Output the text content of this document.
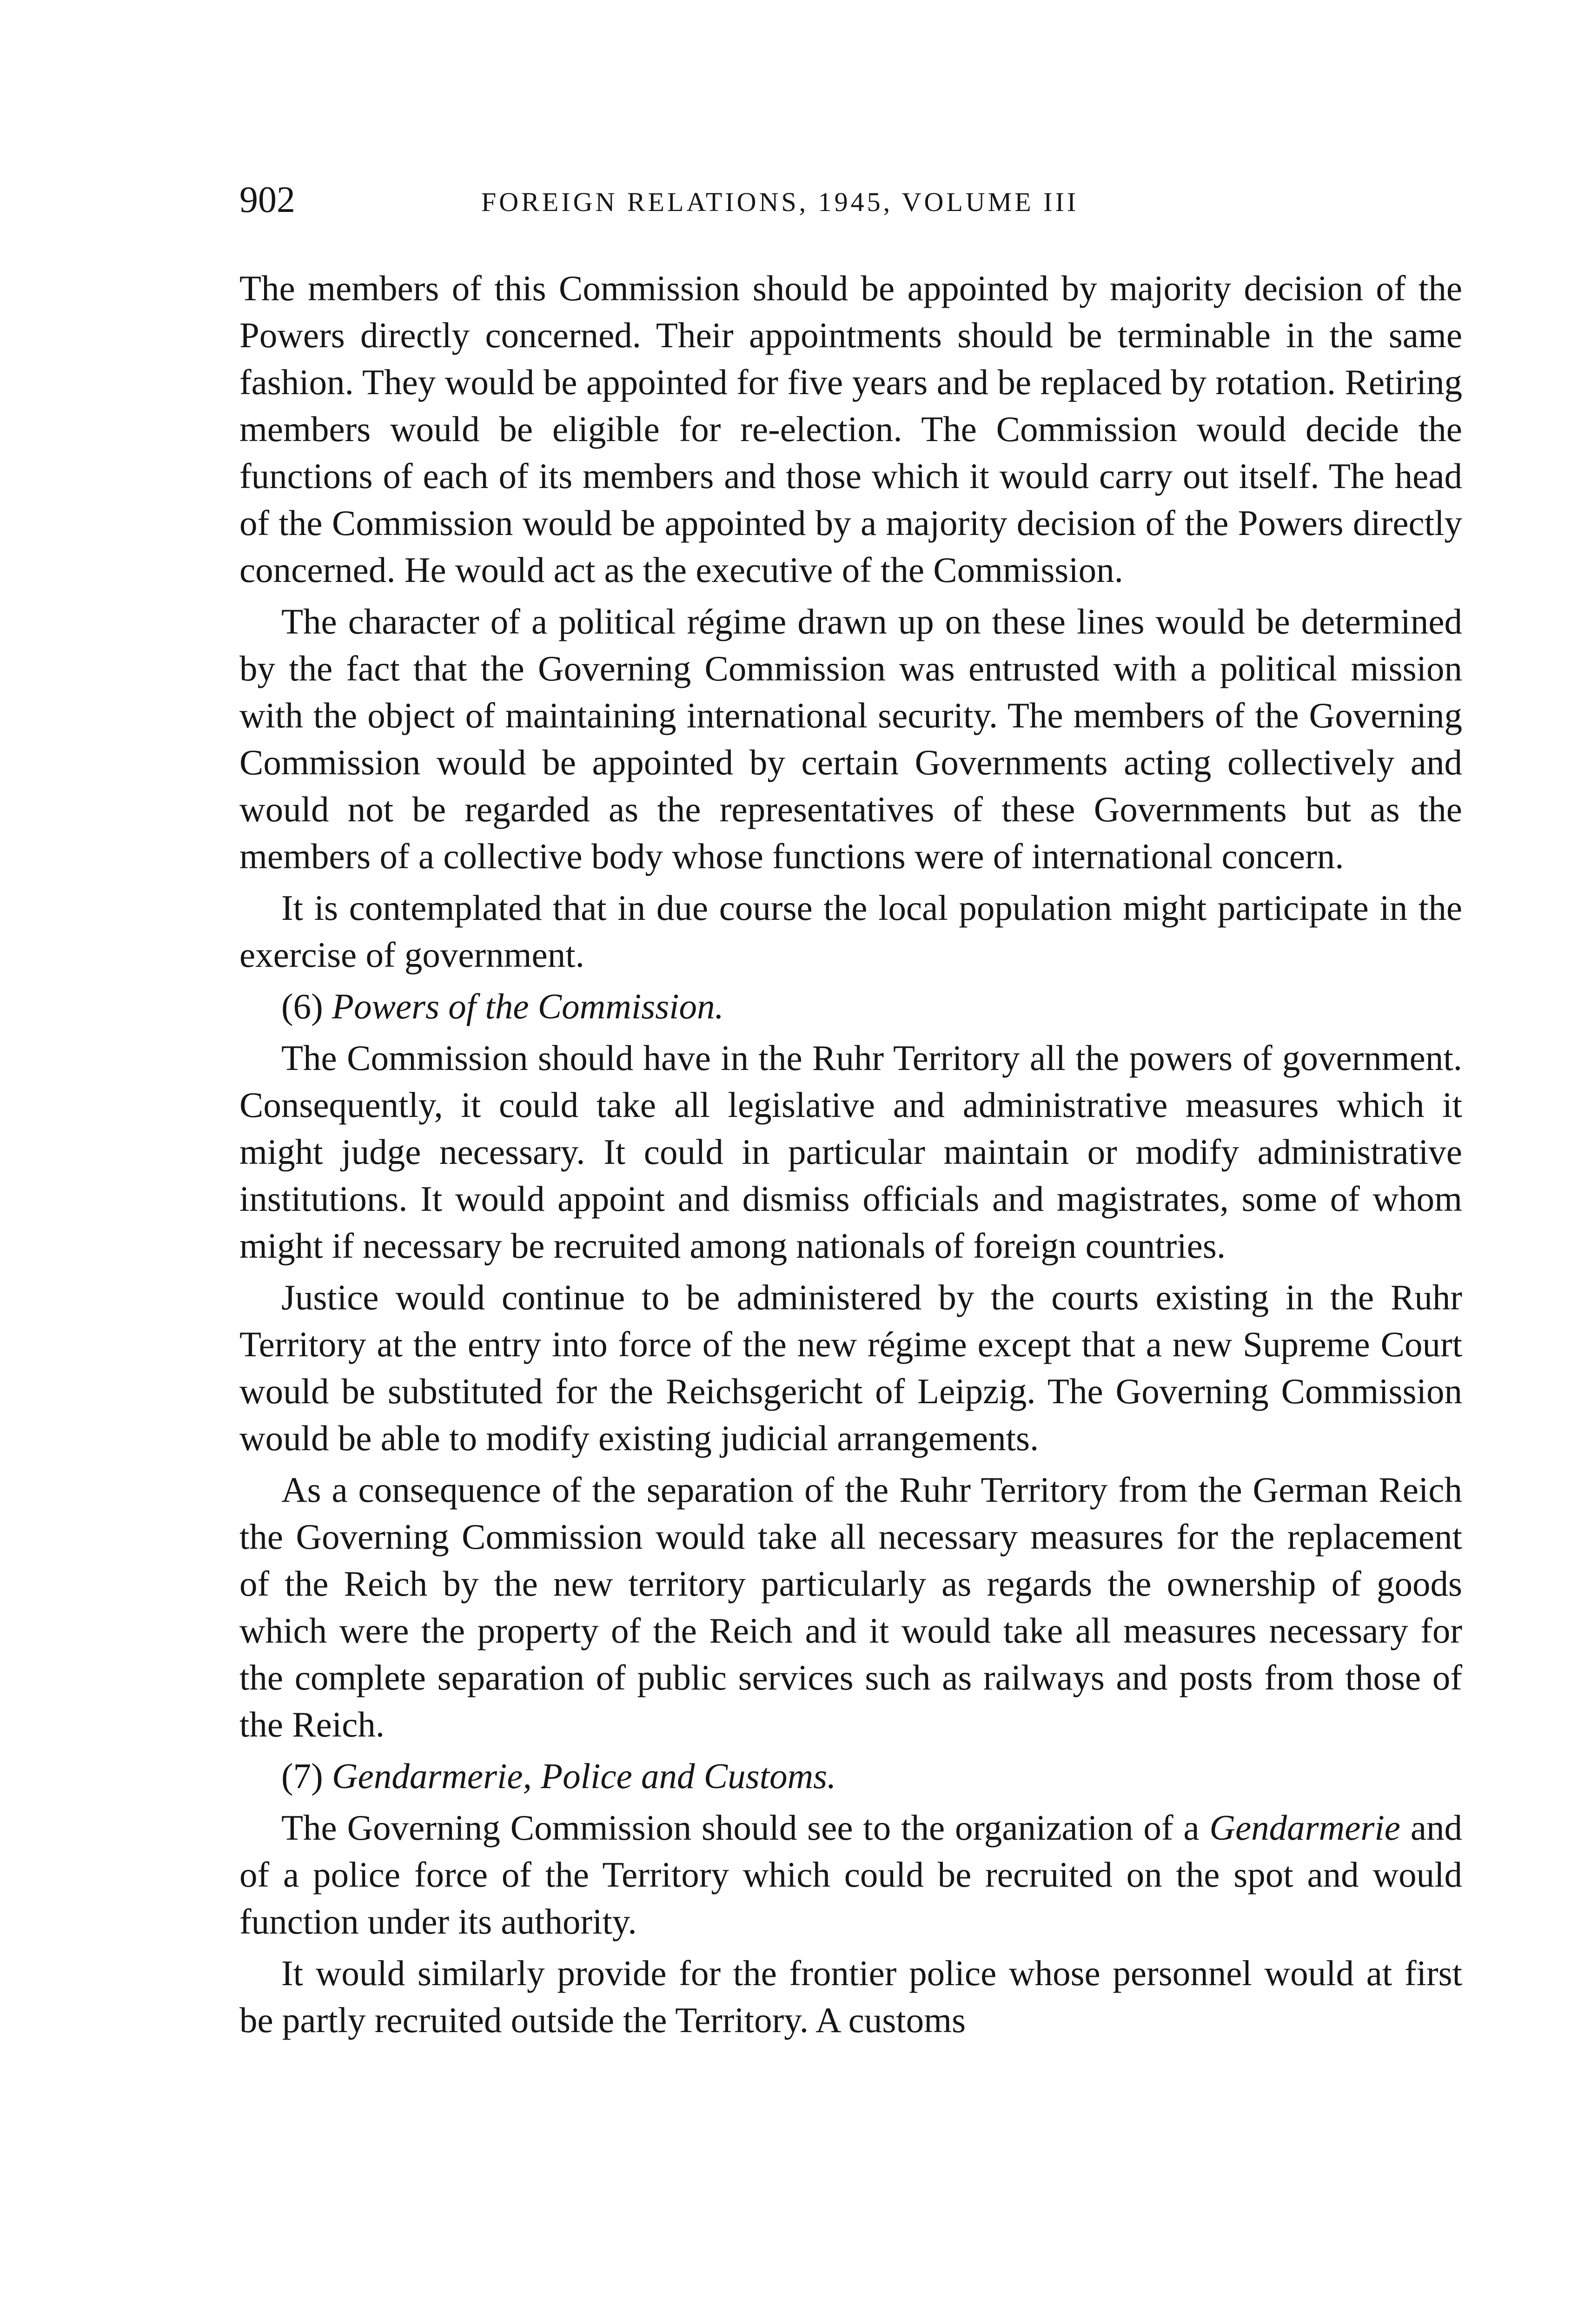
902	FOREIGN RELATIONS, 1945, VOLUME III

The members of this Commission should be appointed by majority decision of the Powers directly concerned. Their appointments should be terminable in the same fashion. They would be appointed for five years and be replaced by rotation. Retiring members would be eligible for re-election. The Commission would decide the functions of each of its members and those which it would carry out itself. The head of the Commission would be appointed by a majority decision of the Powers directly concerned. He would act as the executive of the Commission.

The character of a political régime drawn up on these lines would be determined by the fact that the Governing Commission was entrusted with a political mission with the object of maintaining international security. The members of the Governing Commission would be appointed by certain Governments acting collectively and would not be regarded as the representatives of these Governments but as the members of a collective body whose functions were of international concern.

It is contemplated that in due course the local population might participate in the exercise of government.

(6) Powers of the Commission.

The Commission should have in the Ruhr Territory all the powers of government. Consequently, it could take all legislative and administrative measures which it might judge necessary. It could in particular maintain or modify administrative institutions. It would appoint and dismiss officials and magistrates, some of whom might if necessary be recruited among nationals of foreign countries.

Justice would continue to be administered by the courts existing in the Ruhr Territory at the entry into force of the new régime except that a new Supreme Court would be substituted for the Reichsgericht of Leipzig. The Governing Commission would be able to modify existing judicial arrangements.

As a consequence of the separation of the Ruhr Territory from the German Reich the Governing Commission would take all necessary measures for the replacement of the Reich by the new territory particularly as regards the ownership of goods which were the property of the Reich and it would take all measures necessary for the complete separation of public services such as railways and posts from those of the Reich.

(7) Gendarmerie, Police and Customs.

The Governing Commission should see to the organization of a Gendarmerie and of a police force of the Territory which could be recruited on the spot and would function under its authority.

It would similarly provide for the frontier police whose personnel would at first be partly recruited outside the Territory. A customs
